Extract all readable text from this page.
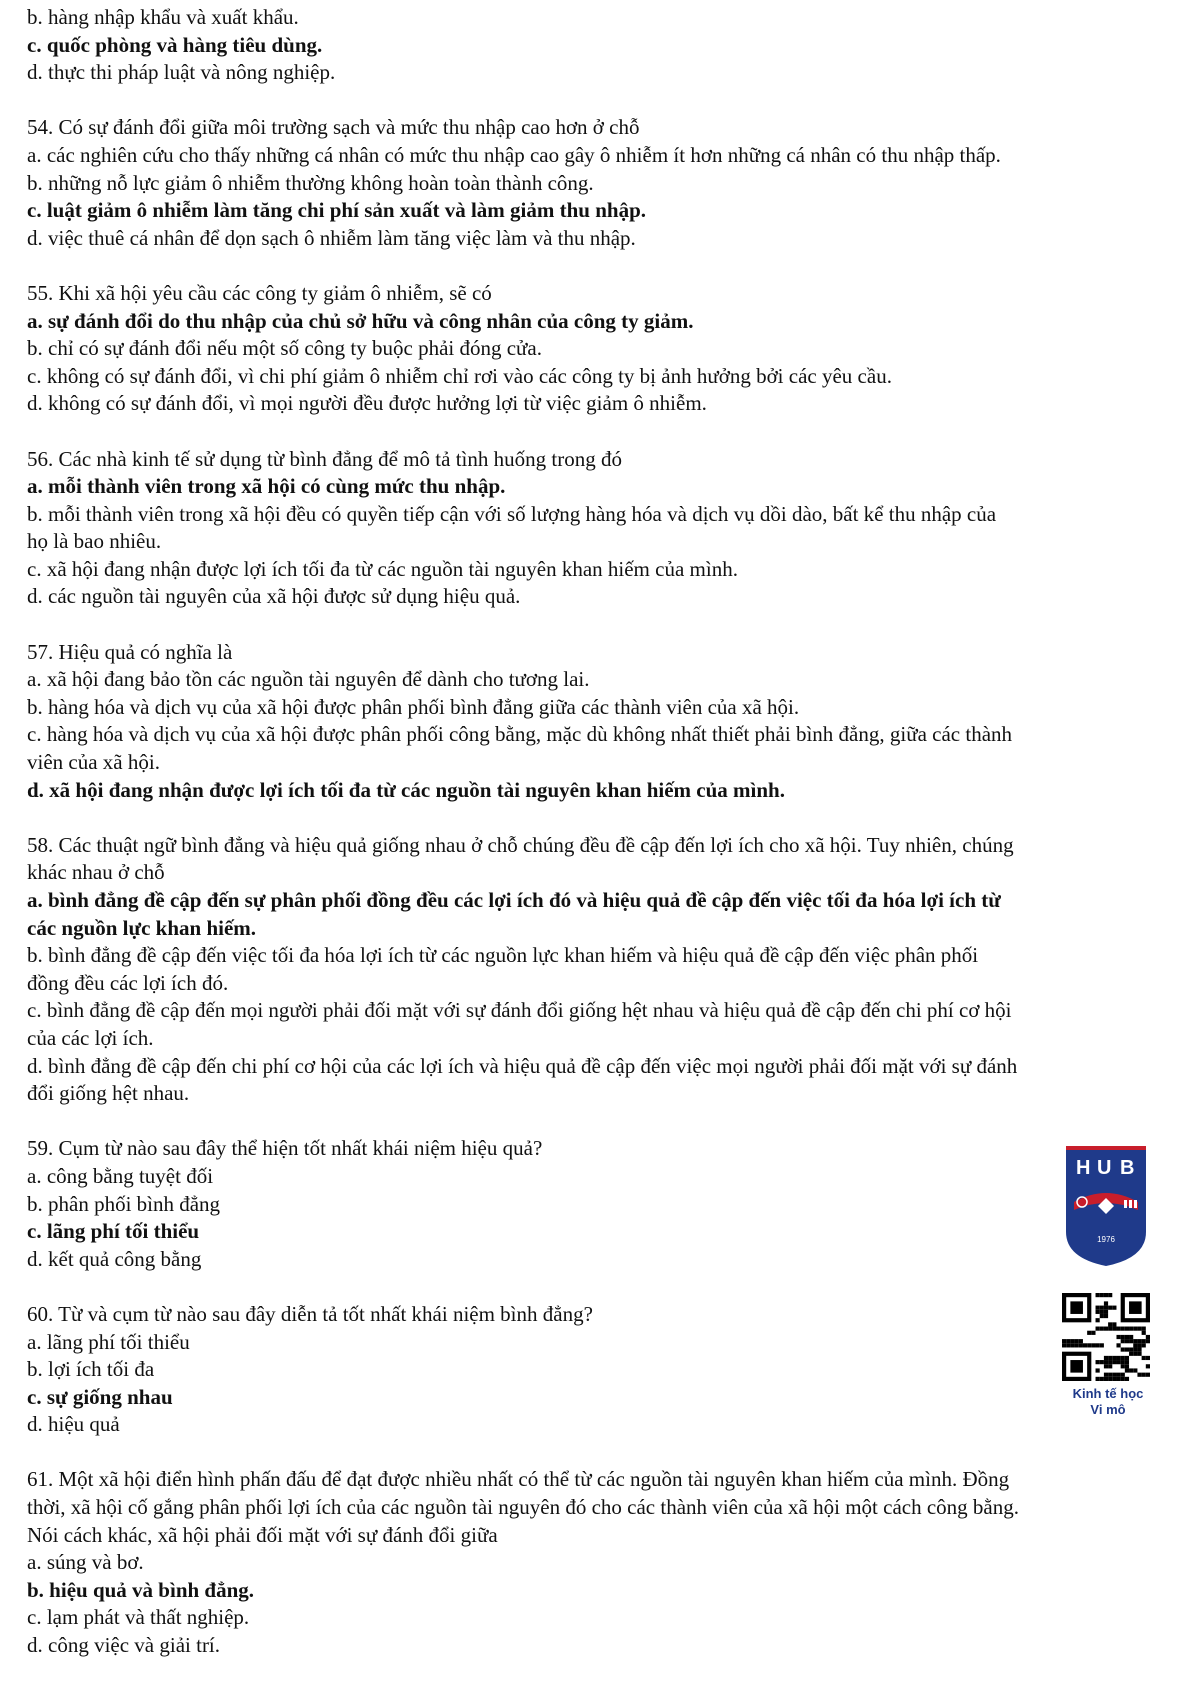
b. hàng nhập khẩu và xuất khẩu.
c. quốc phòng và hàng tiêu dùng.
d. thực thi pháp luật và nông nghiệp.
54. Có sự đánh đổi giữa môi trường sạch và mức thu nhập cao hơn ở chỗ
a. các nghiên cứu cho thấy những cá nhân có mức thu nhập cao gây ô nhiễm ít hơn những cá nhân có thu nhập thấp.
b. những nỗ lực giảm ô nhiễm thường không hoàn toàn thành công.
c. luật giảm ô nhiễm làm tăng chi phí sản xuất và làm giảm thu nhập.
d. việc thuê cá nhân để dọn sạch ô nhiễm làm tăng việc làm và thu nhập.
55. Khi xã hội yêu cầu các công ty giảm ô nhiễm, sẽ có
a. sự đánh đổi do thu nhập của chủ sở hữu và công nhân của công ty giảm.
b. chỉ có sự đánh đổi nếu một số công ty buộc phải đóng cửa.
c. không có sự đánh đổi, vì chi phí giảm ô nhiễm chỉ rơi vào các công ty bị ảnh hưởng bởi các yêu cầu.
d. không có sự đánh đổi, vì mọi người đều được hưởng lợi từ việc giảm ô nhiễm.
56. Các nhà kinh tế sử dụng từ bình đẳng để mô tả tình huống trong đó
a. mỗi thành viên trong xã hội có cùng mức thu nhập.
b. mỗi thành viên trong xã hội đều có quyền tiếp cận với số lượng hàng hóa và dịch vụ dồi dào, bất kể thu nhập của
họ là bao nhiêu.
c. xã hội đang nhận được lợi ích tối đa từ các nguồn tài nguyên khan hiếm của mình.
d. các nguồn tài nguyên của xã hội được sử dụng hiệu quả.
57. Hiệu quả có nghĩa là
a. xã hội đang bảo tồn các nguồn tài nguyên để dành cho tương lai.
b. hàng hóa và dịch vụ của xã hội được phân phối bình đẳng giữa các thành viên của xã hội.
c. hàng hóa và dịch vụ của xã hội được phân phối công bằng, mặc dù không nhất thiết phải bình đẳng, giữa các thành
viên của xã hội.
d. xã hội đang nhận được lợi ích tối đa từ các nguồn tài nguyên khan hiếm của mình.
58. Các thuật ngữ bình đẳng và hiệu quả giống nhau ở chỗ chúng đều đề cập đến lợi ích cho xã hội. Tuy nhiên, chúng
khác nhau ở chỗ
a. bình đẳng đề cập đến sự phân phối đồng đều các lợi ích đó và hiệu quả đề cập đến việc tối đa hóa lợi ích từ
các nguồn lực khan hiếm.
b. bình đẳng đề cập đến việc tối đa hóa lợi ích từ các nguồn lực khan hiếm và hiệu quả đề cập đến việc phân phối
đồng đều các lợi ích đó.
c. bình đẳng đề cập đến mọi người phải đối mặt với sự đánh đổi giống hệt nhau và hiệu quả đề cập đến chi phí cơ hội
của các lợi ích.
d. bình đẳng đề cập đến chi phí cơ hội của các lợi ích và hiệu quả đề cập đến việc mọi người phải đối mặt với sự đánh
đổi giống hệt nhau.
59. Cụm từ nào sau đây thể hiện tốt nhất khái niệm hiệu quả?
a. công bằng tuyệt đối
b. phân phối bình đẳng
c. lãng phí tối thiểu
d. kết quả công bằng
60. Từ và cụm từ nào sau đây diễn tả tốt nhất khái niệm bình đẳng?
a. lãng phí tối thiểu
b. lợi ích tối đa
c. sự giống nhau
d. hiệu quả
61. Một xã hội điển hình phấn đấu để đạt được nhiều nhất có thể từ các nguồn tài nguyên khan hiếm của mình. Đồng
thời, xã hội cố gắng phân phối lợi ích của các nguồn tài nguyên đó cho các thành viên của xã hội một cách công bằng.
Nói cách khác, xã hội phải đối mặt với sự đánh đổi giữa
a. súng và bơ.
b. hiệu quả và bình đẳng.
c. lạm phát và thất nghiệp.
d. công việc và giải trí.
H U B
1976

Kinh tế học
Vi mô
